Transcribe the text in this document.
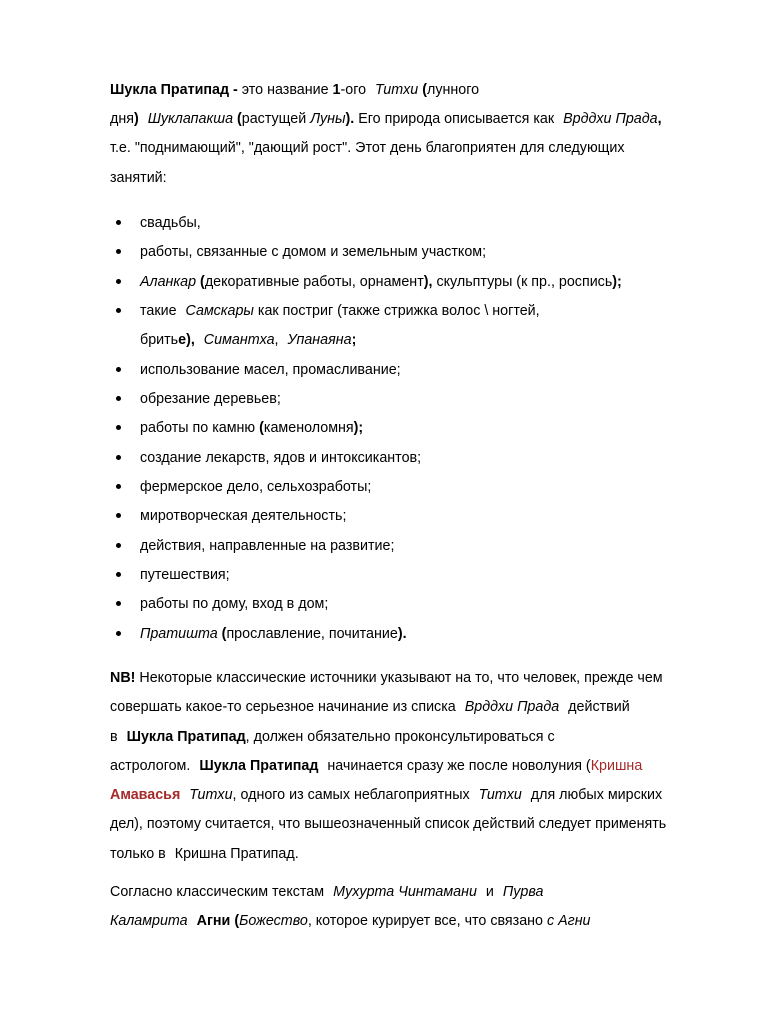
Шукла Пратипад - это название 1-ого Титхи (лунного
дня) Шуклапакша (растущей Луны). Его природа описывается как Врддхи Прада,
т.е. "поднимающий", "дающий рост". Этот день благоприятен для следующих
занятий:
свадьбы,
работы, связанные с домом и земельным участком;
Аланкар (декоративные работы, орнамент), скульптуры (к пр., роспись);
такие Самскары как постриг (также стрижка волос \ ногтей,
бритье), Симантха, Упанаяна;
использование масел, промасливание;
обрезание деревьев;
работы по камню (каменоломня);
создание лекарств, ядов и интоксикантов;
фермерское дело, сельхозработы;
миротворческая деятельность;
действия, направленные на развитие;
путешествия;
работы по дому, вход в дом;
Пратишта (прославление, почитание).
NB! Некоторые классические источники указывают на то, что человек, прежде чем
совершать какое-то серьезное начинание из списка Врддхи Прада действий
в Шукла Пратипад, должен обязательно проконсультироваться с
астрологом. Шукла Пратипад начинается сразу же после новолуния (Кришна
Амавасья Титхи, одного из самых неблагоприятных Титхи для любых мирских
дел), поэтому считается, что вышеозначенный список действий следует применять
только в Кришна Пратипад.
Согласно классическим текстам Мухурта Чинтамани и Пурва
Каламрита Агни (Божество, которое курирует все, что связано с Агни
